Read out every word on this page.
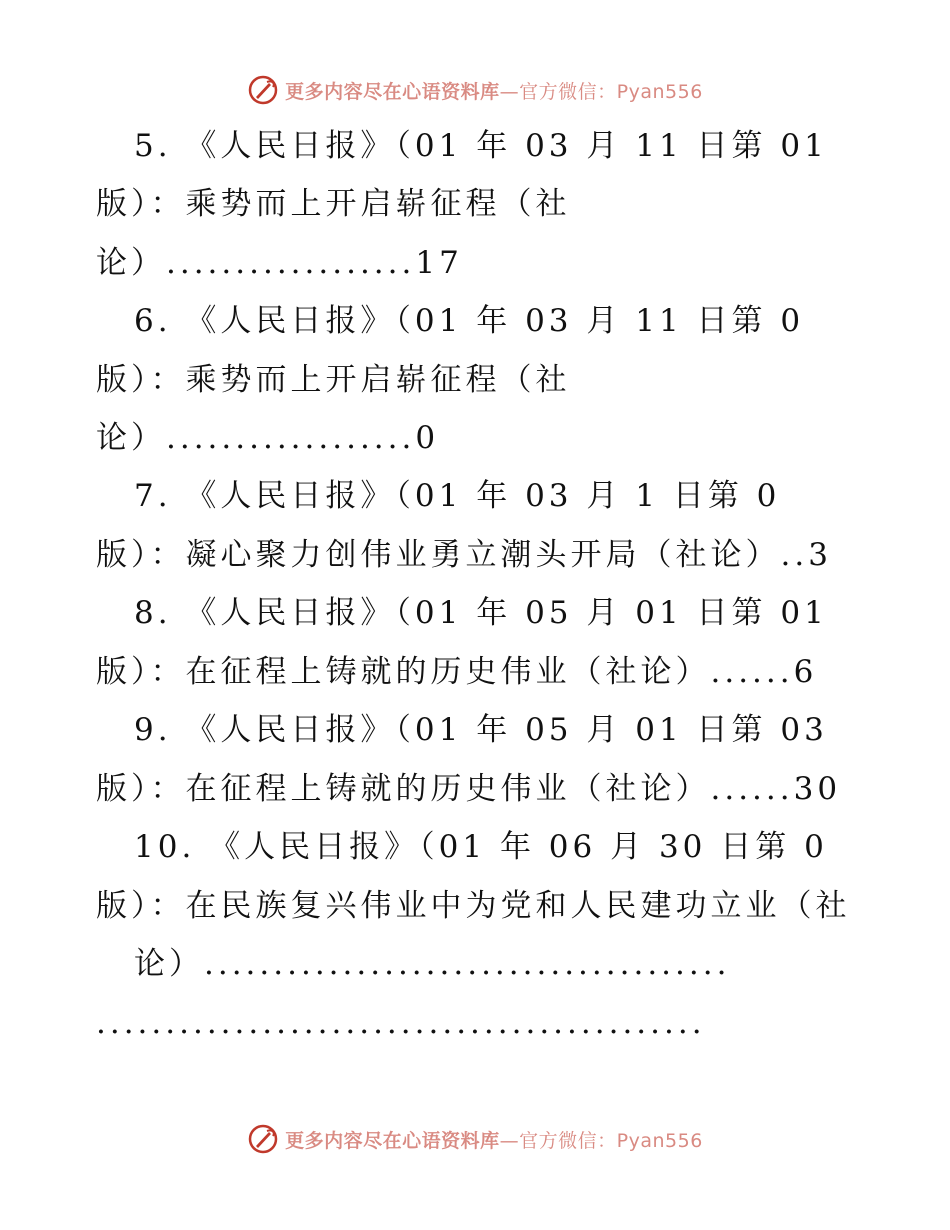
更多内容尽在心语资料库—官方微信：Pyan556
5. 《人民日报》（01 年 03 月 11 日第 01
版）：乘势而上开启崭征程（社
论）..................17
6. 《人民日报》（01 年 03 月 11 日第 0
版）：乘势而上开启崭征程（社
论）..................0
7. 《人民日报》（01 年 03 月 1 日第 0
版）：凝心聚力创伟业勇立潮头开局（社论）..3
8. 《人民日报》（01 年 05 月 01 日第 01
版）：在征程上铸就的历史伟业（社论）......6
9. 《人民日报》（01 年 05 月 01 日第 03
版）：在征程上铸就的历史伟业（社论）......30
10. 《人民日报》（01 年 06 月 30 日第 0
版）：在民族复兴伟业中为党和人民建功立业（社
论）......................................
............................................
更多内容尽在心语资料库—官方微信：Pyan556
